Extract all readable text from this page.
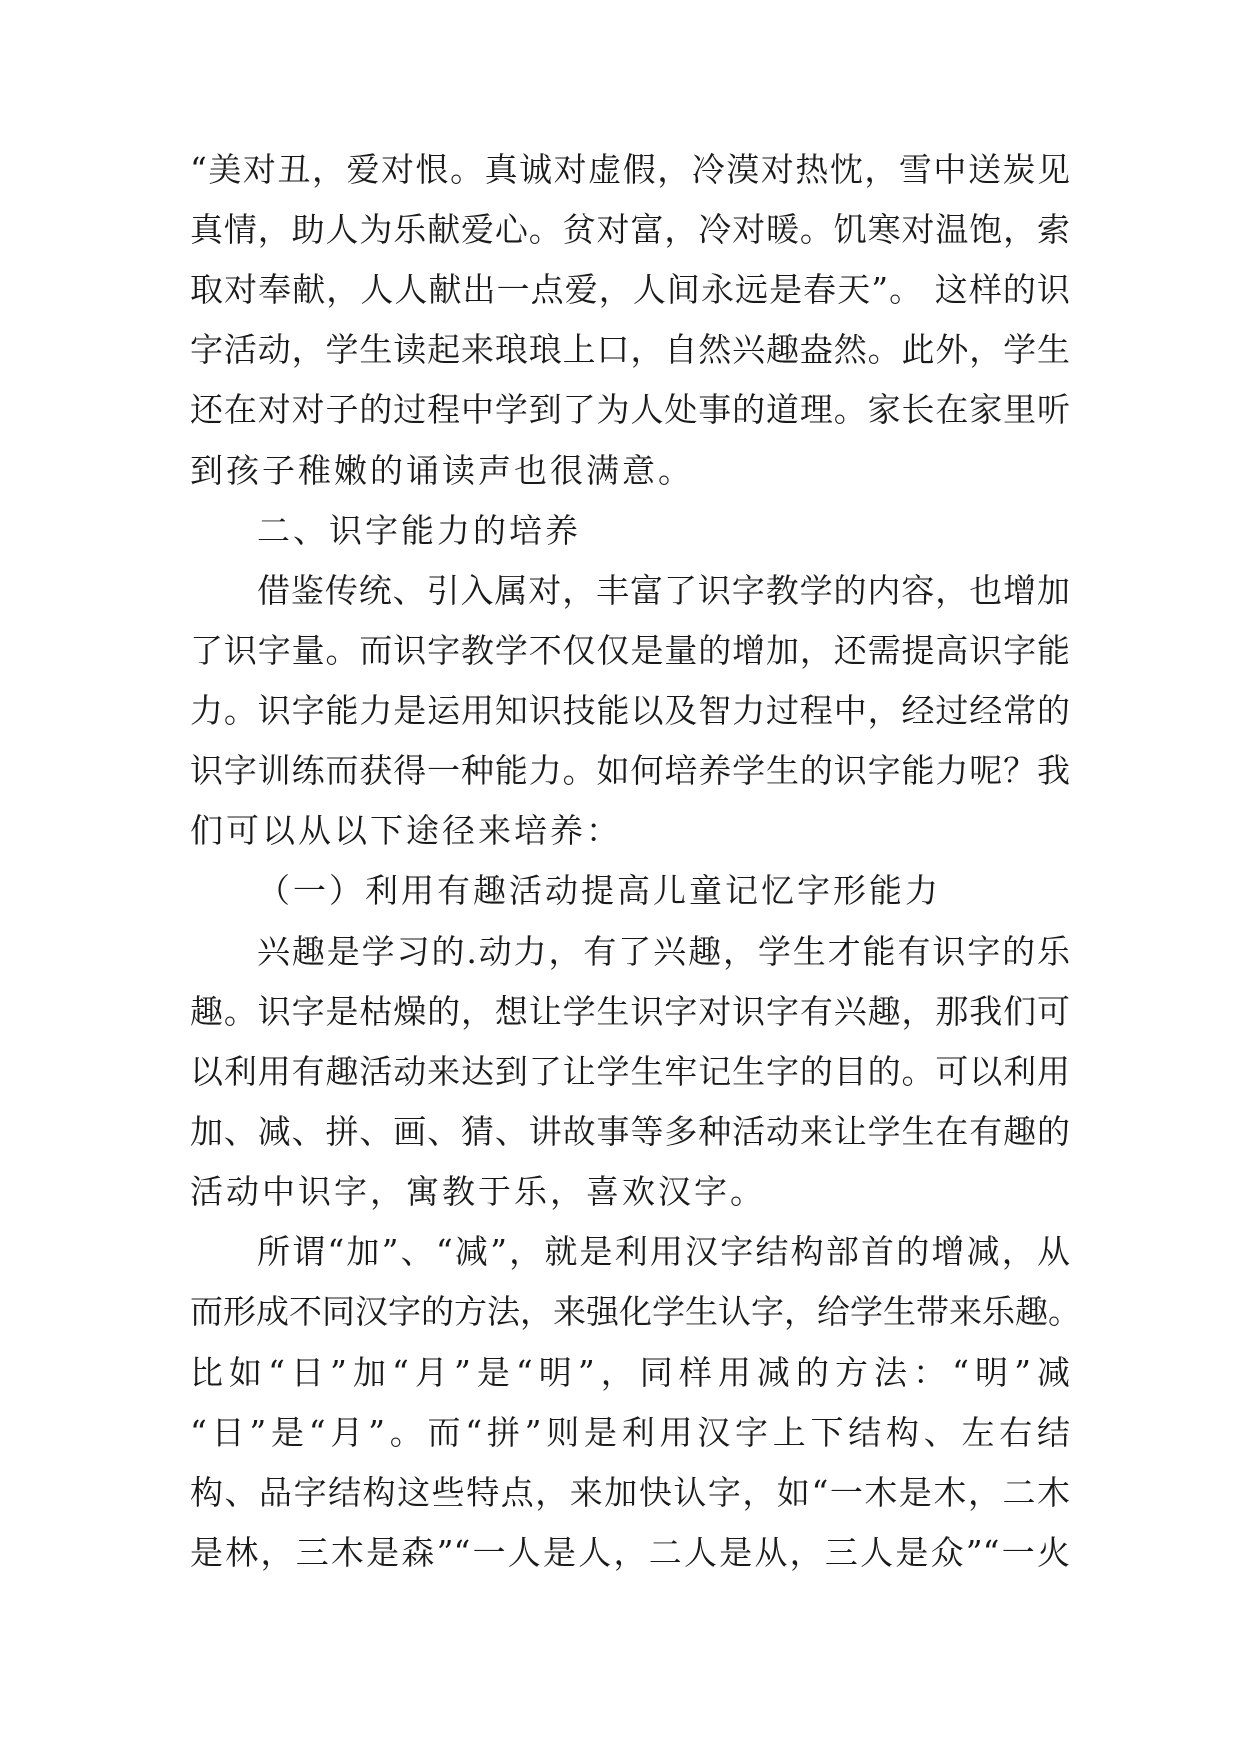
“美对丑，爱对恨。真诚对虚假，冷漠对热忱，雪中送炭见
真情，助人为乐献爱心。贫对富，冷对暖。饥寒对温饱，索
取对奉献，人人献出一点爱，人间永远是春天”。 这样的识
字活动，学生读起来琅琅上口，自然兴趣盎然。此外，学生
还在对对子的过程中学到了为人处事的道理。家长在家里听
到孩子稚嫩的诵读声也很满意。
二、识字能力的培养
借鉴传统、引入属对，丰富了识字教学的内容，也增加
了识字量。而识字教学不仅仅是量的增加，还需提高识字能
力。识字能力是运用知识技能以及智力过程中，经过经常的
识字训练而获得一种能力。如何培养学生的识字能力呢？我
们可以从以下途径来培养：
（一）利用有趣活动提高儿童记忆字形能力
兴趣是学习的.动力，有了兴趣，学生才能有识字的乐
趣。识字是枯燥的，想让学生识字对识字有兴趣，那我们可
以利用有趣活动来达到了让学生牢记生字的目的。可以利用
加、减、拼、画、猜、讲故事等多种活动来让学生在有趣的
活动中识字，寓教于乐，喜欢汉字。
所谓“加”、“减”，就是利用汉字结构部首的增减，从
而形成不同汉字的方法，来强化学生认字，给学生带来乐趣。
比如“日”加“月”是“明”，同样用减的方法：“明”减
“日”是“月”。而“拼”则是利用汉字上下结构、左右结
构、品字结构这些特点，来加快认字，如“一木是木，二木
是林，三木是森”“一人是人，二人是从，三人是众”“一火
